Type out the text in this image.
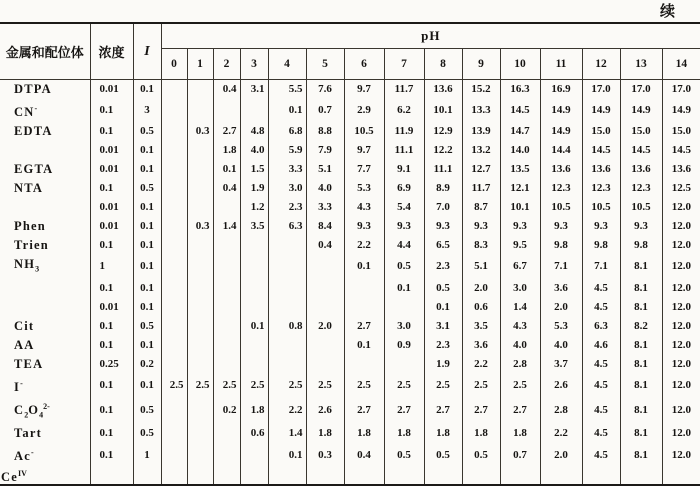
续
金属和配位体	浓度	I	pH														
			0	1	2	3	4	5	6	7	8	9	10	11	12	13	14
DTPA	0.01	0.1			0.4	3.1	5.5	7.6	9.7	11.7	13.6	15.2	16.3	16.9	17.0	17.0	17.0
CN-	0.1	3					0.1	0.7	2.9	6.2	10.1	13.3	14.5	14.9	14.9	14.9	14.9
EDTA	0.1	0.5		0.3	2.7	4.8	6.8	8.8	10.5	11.9	12.9	13.9	14.7	14.9	15.0	15.0	15.0
	0.01	0.1			1.8	4.0	5.9	7.9	9.7	11.1	12.2	13.2	14.0	14.4	14.5	14.5	14.5
EGTA	0.01	0.1			0.1	1.5	3.3	5.1	7.7	9.1	11.1	12.7	13.5	13.6	13.6	13.6	13.6
NTA	0.1	0.5			0.4	1.9	3.0	4.0	5.3	6.9	8.9	11.7	12.1	12.3	12.3	12.3	12.5
	0.01	0.1				1.2	2.3	3.3	4.3	5.4	7.0	8.7	10.1	10.5	10.5	10.5	12.0
Phen	0.01	0.1		0.3	1.4	3.5	6.3	8.4	9.3	9.3	9.3	9.3	9.3	9.3	9.3	9.3	12.0
Trien	0.1	0.1						0.4	2.2	4.4	6.5	8.3	9.5	9.8	9.8	9.8	12.0
$NH_3$	1	0.1							0.1	0.5	2.3	5.1	6.7	7.1	7.1	8.1	12.0
	0.1	0.1								0.1	0.5	2.0	3.0	3.6	4.5	8.1	12.0
	0.01	0.1									0.1	0.6	1.4	2.0	4.5	8.1	12.0
Cit	0.1	0.5				0.1	0.8	2.0	2.7	3.0	3.1	3.5	4.3	5.3	6.3	8.2	12.0
AA	0.1	0.1							0.1	0.9	2.3	3.6	4.0	4.0	4.6	8.1	12.0
TEA	0.25	0.2									1.9	2.2	2.8	3.7	4.5	8.1	12.0
I-	0.1	0.1	2.5	2.5	2.5	2.5	2.5	2.5	2.5	2.5	2.5	2.5	2.5	2.6	4.5	8.1	12.0
$C_2O_4^{2-}$	0.1	0.5			0.2	1.8	2.2	2.6	2.7	2.7	2.7	2.7	2.7	2.8	4.5	8.1	12.0
Tart	0.1	0.5				0.6	1.4	1.8	1.8	1.8	1.8	1.8	1.8	2.2	4.5	8.1	12.0
Ac-	0.1	1					0.1	0.3	0.4	0.5	0.5	0.5	0.7	2.0	4.5	8.1	12.0
$Ce^{IV}$																	
